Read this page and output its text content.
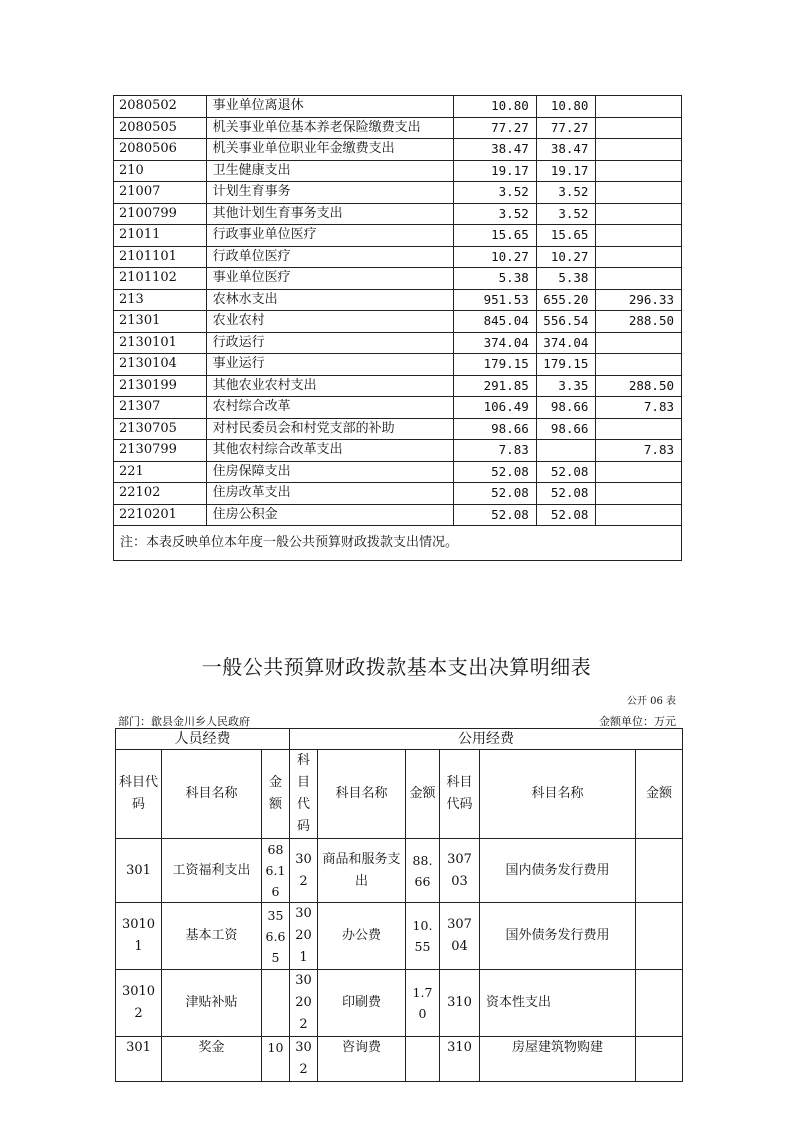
2080502	事业单位离退休	10.80	10.80	
2080505	机关事业单位基本养老保险缴费支出	77.27	77.27	
2080506	机关事业单位职业年金缴费支出	38.47	38.47	
210	卫生健康支出	19.17	19.17	
21007	计划生育事务	3.52	3.52	
2100799	其他计划生育事务支出	3.52	3.52	
21011	行政事业单位医疗	15.65	15.65	
2101101	行政单位医疗	10.27	10.27	
2101102	事业单位医疗	5.38	5.38	
213	农林水支出	951.53	655.20	296.33
21301	农业农村	845.04	556.54	288.50
2130101	行政运行	374.04	374.04	
2130104	事业运行	179.15	179.15	
2130199	其他农业农村支出	291.85	3.35	288.50
21307	农村综合改革	106.49	98.66	7.83
2130705	对村民委员会和村党支部的补助	98.66	98.66	
2130799	其他农村综合改革支出	7.83		7.83
221	住房保障支出	52.08	52.08	
22102	住房改革支出	52.08	52.08	
2210201	住房公积金	52.08	52.08	
注：本表反映单位本年度一般公共预算财政拨款支出情况。				
一般公共预算财政拨款基本支出决算明细表
公开 06 表
部门：歙县金川乡人民政府	金额单位：万元
人员经费			公用经费					
科目代码	科目名称	金额	科目代码	科目名称	金额	科目代码	科目名称	金额
301	工资福利支出	686.16	302	商品和服务支出	88.66	30703	国内债务发行费用	
30101	基本工资	356.65	30201	办公费	10.55	30704	国外债务发行费用	
30102	津贴补贴		30202	印刷费	1.70	310	资本性支出	
301	奖金	10	302	咨询费		310	房屋建筑物购建	
